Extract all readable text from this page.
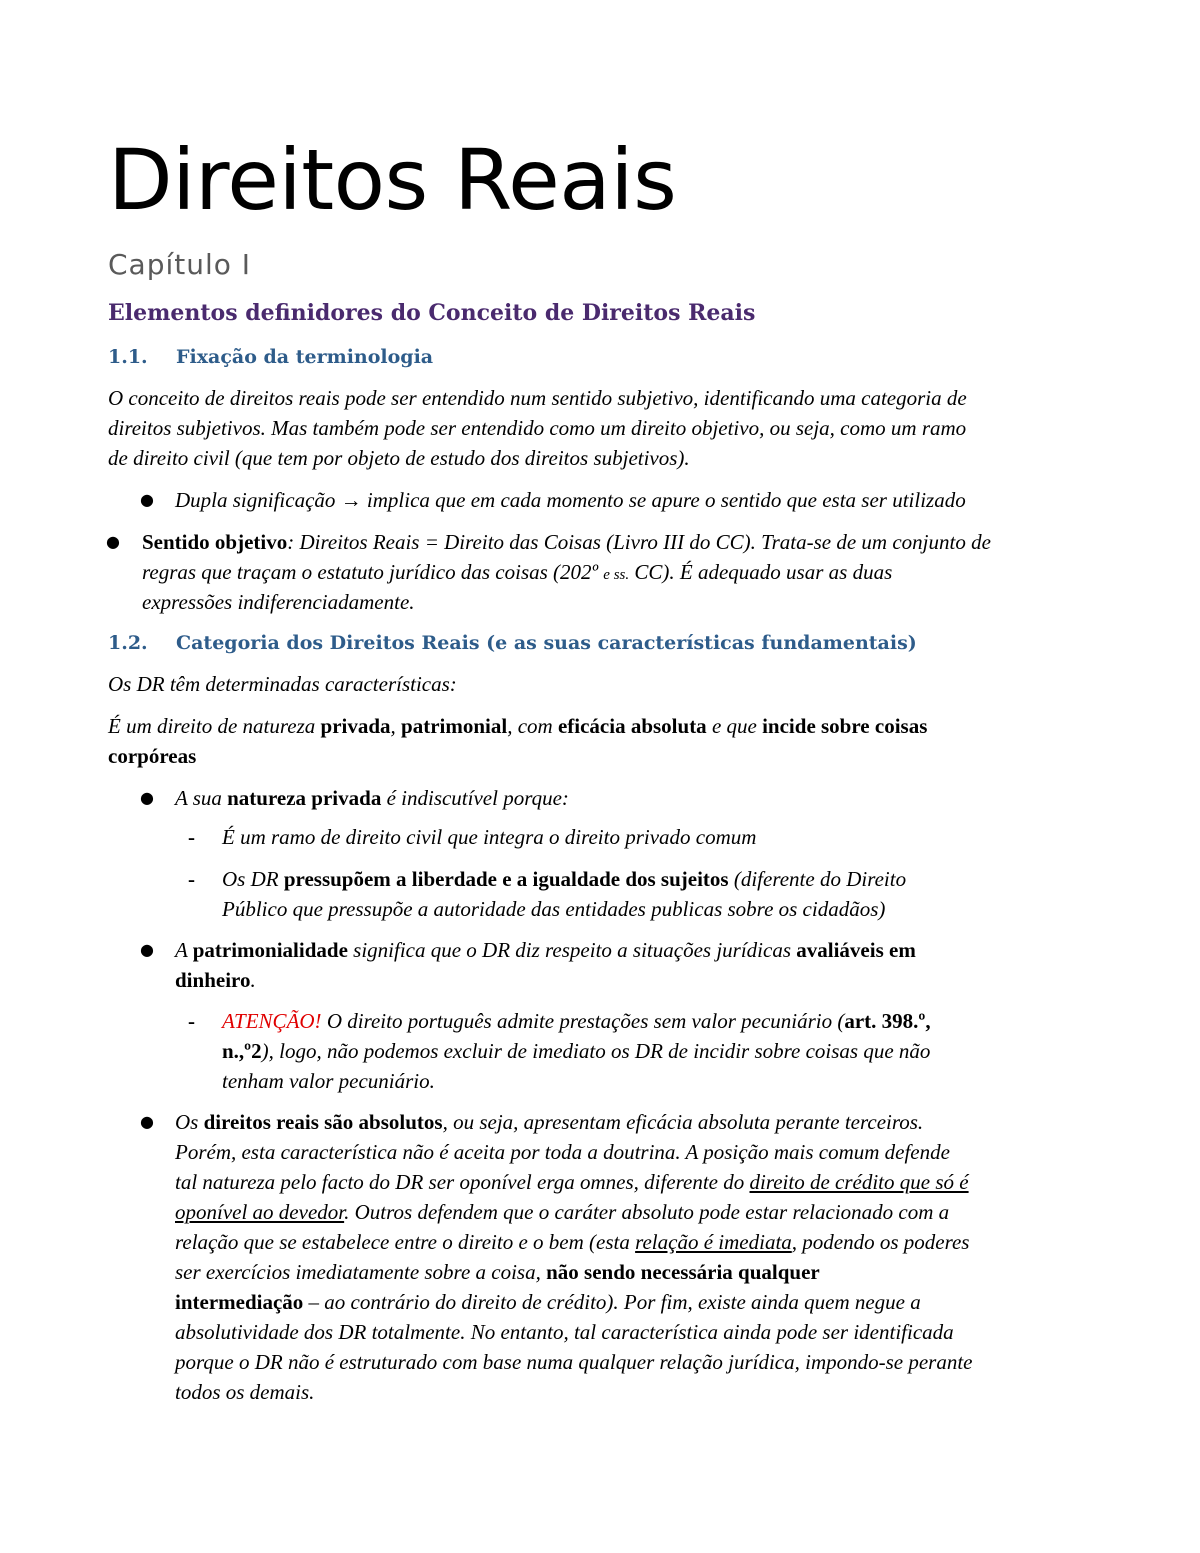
Direitos Reais
Capítulo I
Elementos definidores do Conceito de Direitos Reais
1.1. Fixação da terminologia
O conceito de direitos reais pode ser entendido num sentido subjetivo, identificando uma categoria de
direitos subjetivos. Mas também pode ser entendido como um direito objetivo, ou seja, como um ramo
de direito civil (que tem por objeto de estudo dos direitos subjetivos).
● Dupla significação → implica que em cada momento se apure o sentido que esta ser utilizado
● Sentido objetivo: Direitos Reais = Direito das Coisas (Livro III do CC). Trata-se de um conjunto de
regras que traçam o estatuto jurídico das coisas (202º e ss. CC). É adequado usar as duas
expressões indiferenciadamente.
1.2. Categoria dos Direitos Reais (e as suas características fundamentais)
Os DR têm determinadas características:
É um direito de natureza privada, patrimonial, com eficácia absoluta e que incide sobre coisas
corpóreas
● A sua natureza privada é indiscutível porque:
- É um ramo de direito civil que integra o direito privado comum
- Os DR pressupõem a liberdade e a igualdade dos sujeitos (diferente do Direito
Público que pressupõe a autoridade das entidades publicas sobre os cidadãos)
● A patrimonialidade significa que o DR diz respeito a situações jurídicas avaliáveis em
dinheiro.
- ATENÇÃO! O direito português admite prestações sem valor pecuniário (art. 398.º,
n.,º2), logo, não podemos excluir de imediato os DR de incidir sobre coisas que não
tenham valor pecuniário.
● Os direitos reais são absolutos, ou seja, apresentam eficácia absoluta perante terceiros.
Porém, esta característica não é aceita por toda a doutrina. A posição mais comum defende
tal natureza pelo facto do DR ser oponível erga omnes, diferente do direito de crédito que só é
oponível ao devedor. Outros defendem que o caráter absoluto pode estar relacionado com a
relação que se estabelece entre o direito e o bem (esta relação é imediata, podendo os poderes
ser exercícios imediatamente sobre a coisa, não sendo necessária qualquer
intermediação – ao contrário do direito de crédito). Por fim, existe ainda quem negue a
absolutividade dos DR totalmente. No entanto, tal característica ainda pode ser identificada
porque o DR não é estruturado com base numa qualquer relação jurídica, impondo-se perante
todos os demais.
